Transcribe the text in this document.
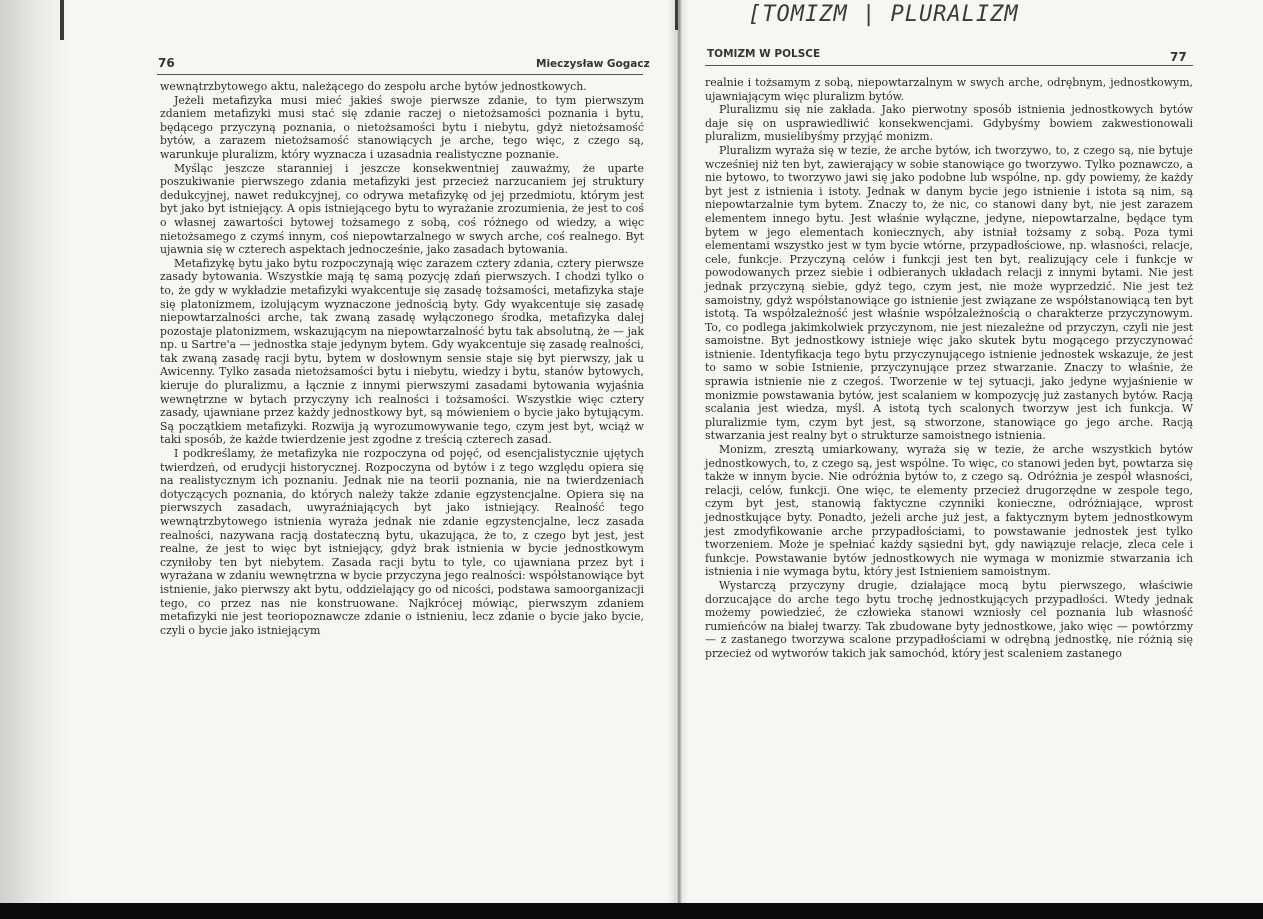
[TOMIZM | PLURALIZM
76	Mieczysław Gogacz

wewnątrzbytowego aktu, należącego do zespołu arche bytów jednostkowych.

Jeżeli metafizyka musi mieć jakieś swoje pierwsze zdanie, to tym pierwszym zdaniem metafizyki musi stać się zdanie raczej o nietożsamości poznania i bytu, będącego przyczyną poznania, o nietożsamości bytu i niebytu, gdyż nietożsamość bytów, a zarazem nietożsamość stanowiących je arche, tego więc, z czego są, warunkuje pluralizm, który wyznacza i uzasadnia realistyczne poznanie.

Myśląc jeszcze staranniej i jeszcze konsekwentniej zauważmy, że uparte poszukiwanie pierwszego zdania metafizyki jest przecież narzucaniem jej struktury dedukcyjnej, nawet redukcyjnej, co odrywa metafizykę od jej przedmiotu, którym jest byt jako byt istniejący. A opis istniejącego bytu to wyrażanie zrozumienia, że jest to coś o własnej zawartości bytowej tożsamego z sobą, coś różnego od wiedzy, a więc nietożsamego z czymś innym, coś niepowtarzalnego w swych arche, coś realnego. Byt ujawnia się w czterech aspektach jednocześnie, jako zasadach bytowania.

Metafizykę bytu jako bytu rozpoczynają więc zarazem cztery zdania, cztery pierwsze zasady bytowania. Wszystkie mają tę samą pozycję zdań pierwszych. I chodzi tylko o to, że gdy w wykładzie metafizyki wyakcentuje się zasadę tożsamości, metafizyka staje się platonizmem, izolującym wyznaczone jednością byty. Gdy wyakcentuje się zasadę niepowtarzalności arche, tak zwaną zasadę wyłączonego środka, metafizyka dalej pozostaje platonizmem, wskazującym na niepowtarzalność bytu tak absolutną, że — jak np. u Sartre'a — jednostka staje jedynym bytem. Gdy wyakcentuje się zasadę realności, tak zwaną zasadę racji bytu, bytem w dosłownym sensie staje się byt pierwszy, jak u Awicenny. Tylko zasada nietożsamości bytu i niebytu, wiedzy i bytu, stanów bytowych, kieruje do pluralizmu, a łącznie z innymi pierwszymi zasadami bytowania wyjaśnia wewnętrzne w bytach przyczyny ich realności i tożsamości. Wszystkie więc cztery zasady, ujawniane przez każdy jednostkowy byt, są mówieniem o bycie jako bytującym. Są początkiem metafizyki. Rozwija ją wyrozumowywanie tego, czym jest byt, wciąż w taki sposób, że każde twierdzenie jest zgodne z treścią czterech zasad.

I podkreślamy, że metafizyka nie rozpoczyna od pojęć, od esencjalistycznie ujętych twierdzeń, od erudycji historycznej. Rozpoczyna od bytów i z tego względu opiera się na realistycznym ich poznaniu. Jednak nie na teorii poznania, nie na twierdzeniach dotyczących poznania, do których należy także zdanie egzystencjalne. Opiera się na pierwszych zasadach, uwyraźniających byt jako istniejący. Realność tego wewnątrzbytowego istnienia wyraża jednak nie zdanie egzystencjalne, lecz zasada realności, nazywana racją dostateczną bytu, ukazująca, że to, z czego byt jest, jest realne, że jest to więc byt istniejący, gdyż brak istnienia w bycie jednostkowym czyniłoby ten byt niebytem. Zasada racji bytu to tyle, co ujawniana przez byt i wyrażana w zdaniu wewnętrzna w bycie przyczyna jego realności: współstanowiące byt istnienie, jako pierwszy akt bytu, oddzielający go od nicości, podstawa samoorganizacji tego, co przez nas nie konstruowane. Najkrócej mówiąc, pierwszym zdaniem metafizyki nie jest teoriopoznawcze zdanie o istnieniu, lecz zdanie o bycie jako bycie, czyli o bycie jako istniejącym

TOMIZM W POLSCE	77

realnie i tożsamym z sobą, niepowtarzalnym w swych arche, odrębnym, jednostkowym, ujawniającym więc pluralizm bytów.

Pluralizmu się nie zakłada. Jako pierwotny sposób istnienia jednostkowych bytów daje się on usprawiedliwić konsekwencjami. Gdybyśmy bowiem zakwestionowali pluralizm, musielibyśmy przyjąć monizm.

Pluralizm wyraża się w tezie, że arche bytów, ich tworzywo, to, z czego są, nie bytuje wcześniej niż ten byt, zawierający w sobie stanowiące go tworzywo. Tylko poznawczo, a nie bytowo, to tworzywo jawi się jako podobne lub wspólne, np. gdy powiemy, że każdy byt jest z istnienia i istoty. Jednak w danym bycie jego istnienie i istota są nim, są niepowtarzalnie tym bytem. Znaczy to, że nic, co stanowi dany byt, nie jest zarazem elementem innego bytu. Jest właśnie wyłączne, jedyne, niepowtarzalne, będące tym bytem w jego elementach koniecznych, aby istniał tożsamy z sobą. Poza tymi elementami wszystko jest w tym bycie wtórne, przypadłościowe, np. własności, relacje, cele, funkcje. Przyczyną celów i funkcji jest ten byt, realizujący cele i funkcje w powodowanych przez siebie i odbieranych układach relacji z innymi bytami. Nie jest jednak przyczyną siebie, gdyż tego, czym jest, nie może wyprzedzić. Nie jest też samoistny, gdyż współstanowiące go istnienie jest związane ze współstanowiącą ten byt istotą. Ta współzależność jest właśnie współzależnością o charakterze przyczynowym. To, co podlega jakimkolwiek przyczynom, nie jest niezależne od przyczyn, czyli nie jest samoistne. Byt jednostkowy istnieje więc jako skutek bytu mogącego przyczynować istnienie. Identyfikacja tego bytu przyczynującego istnienie jednostek wskazuje, że jest to samo w sobie Istnienie, przyczynujące przez stwarzanie. Znaczy to właśnie, że sprawia istnienie nie z czegoś. Tworzenie w tej sytuacji, jako jedyne wyjaśnienie w monizmie powstawania bytów, jest scalaniem w kompozycję już zastanych bytów. Racją scalania jest wiedza, myśl. A istotą tych scalonych tworzyw jest ich funkcja. W pluralizmie tym, czym byt jest, są stworzone, stanowiące go jego arche. Racją stwarzania jest realny byt o strukturze samoistnego istnienia.

Monizm, zresztą umiarkowany, wyraża się w tezie, że arche wszystkich bytów jednostkowych, to, z czego są, jest wspólne. To więc, co stanowi jeden byt, powtarza się także w innym bycie. Nie odróżnia bytów to, z czego są. Odróżnia je zespół własności, relacji, celów, funkcji. One więc, te elementy przecież drugorzędne w zespole tego, czym byt jest, stanowią faktyczne czynniki konieczne, odróżniające, wprost jednostkujące byty. Ponadto, jeżeli arche już jest, a faktycznym bytem jednostkowym jest zmodyfikowanie arche przypadłościami, to powstawanie jednostek jest tylko tworzeniem. Może je spełniać każdy sąsiedni byt, gdy nawiązuje relacje, zleca cele i funkcje. Powstawanie bytów jednostkowych nie wymaga w monizmie stwarzania ich istnienia i nie wymaga bytu, który jest Istnieniem samoistnym.

Wystarczą przyczyny drugie, działające mocą bytu pierwszego, właściwie dorzucające do arche tego bytu trochę jednostkujących przypadłości. Wtedy jednak możemy powiedzieć, że człowieka stanowi wzniosły cel poznania lub własność rumieńców na białej twarzy. Tak zbudowane byty jednostkowe, jako więc — powtórzmy — z zastanego tworzywa scalone przypadłościami w odrębną jednostkę, nie różnią się przecież od wytworów takich jak samochód, który jest scaleniem zastanego
